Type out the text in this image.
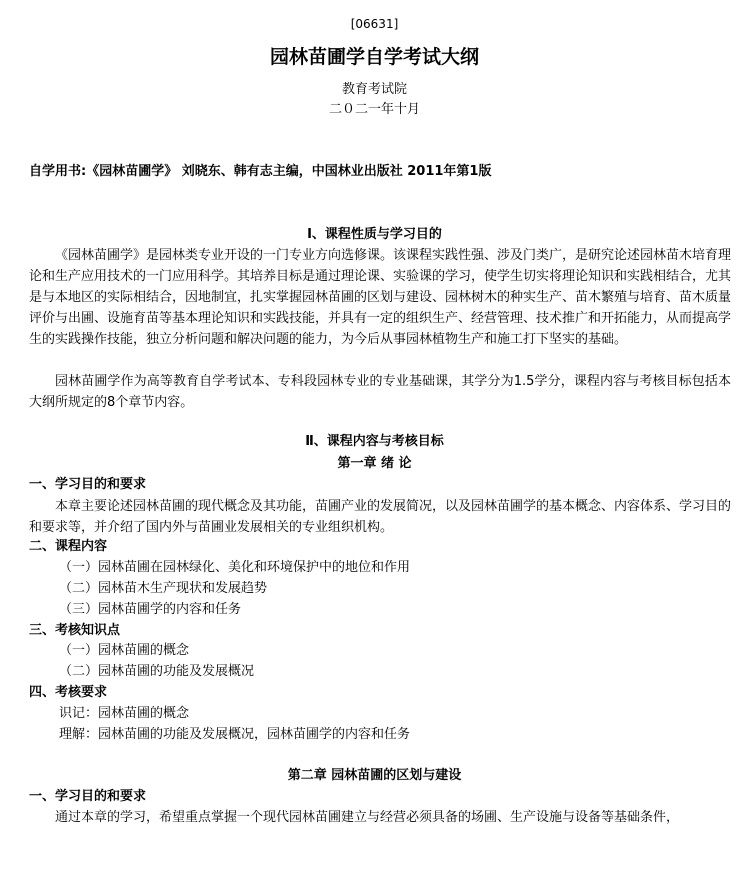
[06631]
园林苗圃学自学考试大纲
教育考试院
二０二一年十月
自学用书:《园林苗圃学》 刘晓东、韩有志主编，中国林业出版社 2011年第1版
Ⅰ、课程性质与学习目的
《园林苗圃学》是园林类专业开设的一门专业方向选修课。该课程实践性强、涉及门类广，是研究论述园林苗木培育理论和生产应用技术的一门应用科学。其培养目标是通过理论课、实验课的学习，使学生切实将理论知识和实践相结合，尤其是与本地区的实际相结合，因地制宜，扎实掌握园林苗圃的区划与建设、园林树木的种实生产、苗木繁殖与培育、苗木质量评价与出圃、设施育苗等基本理论知识和实践技能，并具有一定的组织生产、经营管理、技术推广和开拓能力，从而提高学生的实践操作技能，独立分析问题和解决问题的能力，为今后从事园林植物生产和施工打下坚实的基础。
园林苗圃学作为高等教育自学考试本、专科段园林专业的专业基础课，其学分为1.5学分，课程内容与考核目标包括本大纲所规定的8个章节内容。
Ⅱ、课程内容与考核目标
第一章 绪 论
一、学习目的和要求
本章主要论述园林苗圃的现代概念及其功能，苗圃产业的发展简况，以及园林苗圃学的基本概念、内容体系、学习目的和要求等，并介绍了国内外与苗圃业发展相关的专业组织机构。
二、课程内容
（一）园林苗圃在园林绿化、美化和环境保护中的地位和作用
（二）园林苗木生产现状和发展趋势
（三）园林苗圃学的内容和任务
三、考核知识点
（一）园林苗圃的概念
（二）园林苗圃的功能及发展概况
四、考核要求
识记：园林苗圃的概念
理解：园林苗圃的功能及发展概况，园林苗圃学的内容和任务
第二章 园林苗圃的区划与建设
一、学习目的和要求
通过本章的学习，希望重点掌握一个现代园林苗圃建立与经营必须具备的场圃、生产设施与设备等基础条件，
